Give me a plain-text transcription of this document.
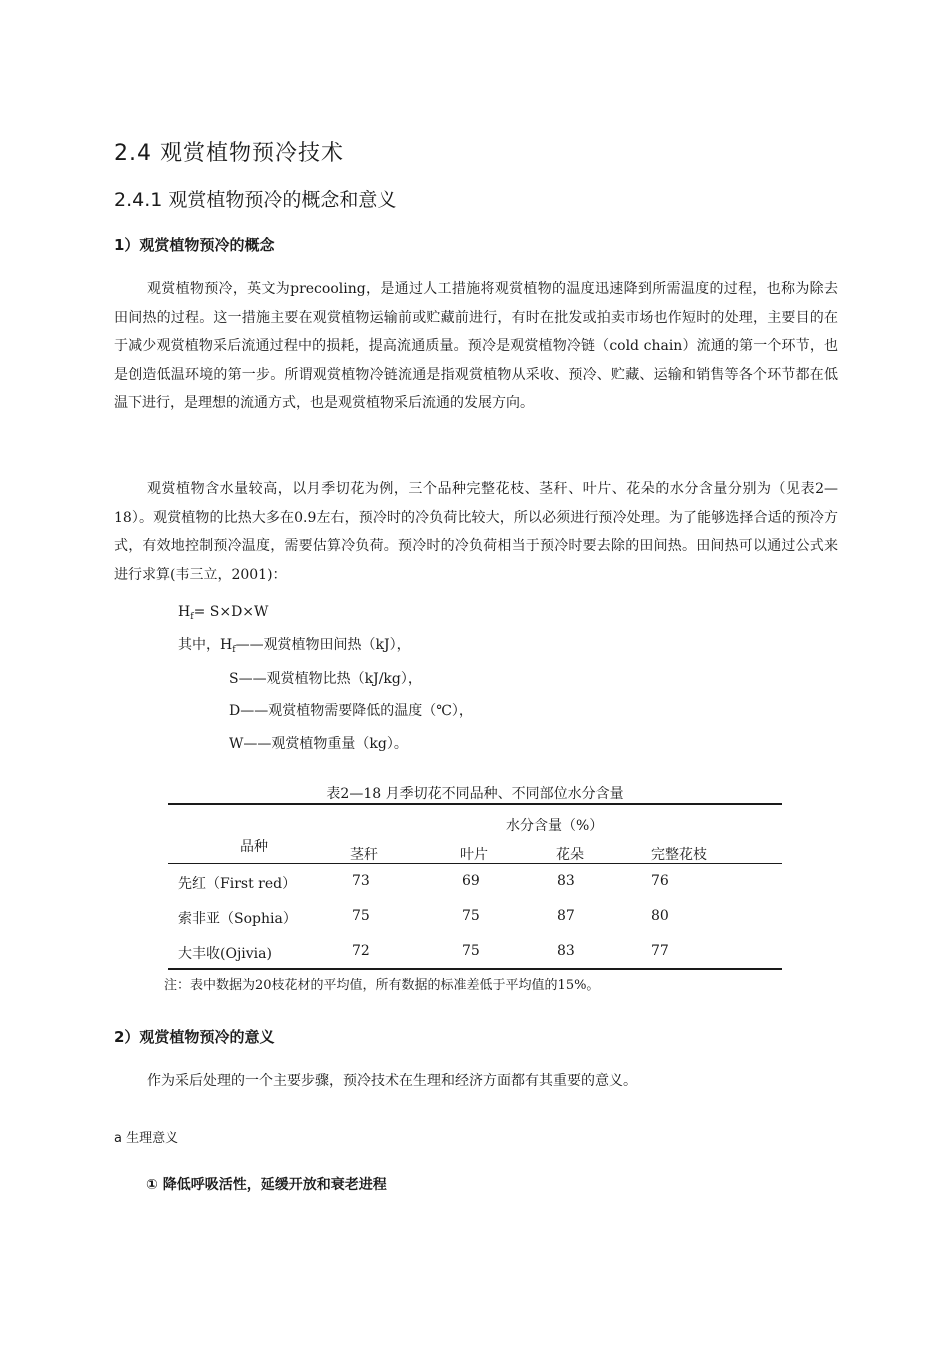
2.4 观赏植物预冷技术
2.4.1 观赏植物预冷的概念和意义
1）观赏植物预冷的概念

观赏植物预冷，英文为precooling，是通过人工措施将观赏植物的温度迅速降到所需温度的过程，也称为除去田间热的过程。这一措施主要在观赏植物运输前或贮藏前进行，有时在批发或拍卖市场也作短时的处理，主要目的在于减少观赏植物采后流通过程中的损耗，提高流通质量。预冷是观赏植物冷链（cold chain）流通的第一个环节，也是创造低温环境的第一步。所谓观赏植物冷链流通是指观赏植物从采收、预冷、贮藏、运输和销售等各个环节都在低温下进行，是理想的流通方式，也是观赏植物采后流通的发展方向。

观赏植物含水量较高，以月季切花为例，三个品种完整花枝、茎秆、叶片、花朵的水分含量分别为（见表2—18）。观赏植物的比热大多在0.9左右，预冷时的冷负荷比较大，所以必须进行预冷处理。为了能够选择合适的预冷方式，有效地控制预冷温度，需要估算冷负荷。预冷时的冷负荷相当于预冷时要去除的田间热。田间热可以通过公式来进行求算(韦三立，2001)：

$H_f= S\times D\times W$
其中，$H_f——$观赏植物田间热（kJ），
S——观赏植物比热（kJ/kg），
D——观赏植物需要降低的温度（℃），
W——观赏植物重量（kg）。
表2—18 月季切花不同品种、不同部位水分含量
水分含量（%）
品种	茎秆	叶片	花朵	完整花枝
先红（First red）	73	69	83	76
索非亚（Sophia）	75	75	87	80
大丰收(Ojivia)	72	75	83	77
注：表中数据为20枝花材的平均值，所有数据的标准差低于平均值的15%。
2）观赏植物预冷的意义
作为采后处理的一个主要步骤，预冷技术在生理和经济方面都有其重要的意义。
a 生理意义
① 降低呼吸活性，延缓开放和衰老进程
